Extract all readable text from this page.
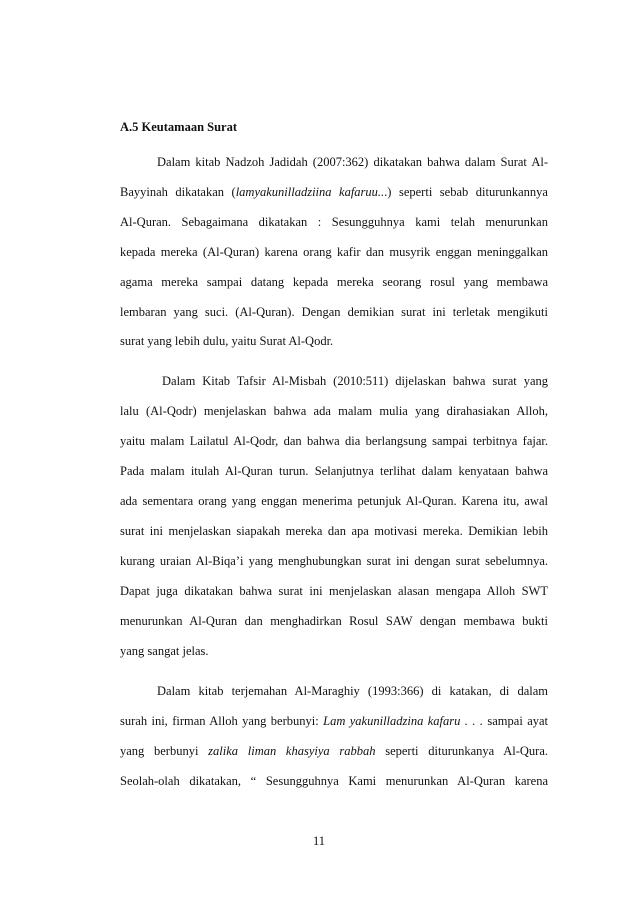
A.5 Keutamaan Surat
Dalam kitab Nadzoh Jadidah (2007:362) dikatakan bahwa dalam Surat Al-
Bayyinah dikatakan (lamyakunilladziina kafaruu...) seperti sebab diturunkannya
Al-Quran. Sebagaimana dikatakan : Sesungguhnya kami telah menurunkan
kepada mereka (Al-Quran) karena orang kafir dan musyrik enggan meninggalkan
agama mereka sampai datang kepada mereka seorang rosul yang membawa
lembaran yang suci. (Al-Quran). Dengan demikian surat ini terletak mengikuti
surat yang lebih dulu, yaitu Surat Al-Qodr.
Dalam Kitab Tafsir Al-Misbah (2010:511) dijelaskan bahwa surat yang
lalu (Al-Qodr) menjelaskan bahwa ada malam mulia yang dirahasiakan Alloh,
yaitu malam Lailatul Al-Qodr, dan bahwa dia berlangsung sampai terbitnya fajar.
Pada malam itulah Al-Quran turun. Selanjutnya terlihat dalam kenyataan bahwa
ada sementara orang yang enggan menerima petunjuk Al-Quran. Karena itu, awal
surat ini menjelaskan siapakah mereka dan apa motivasi mereka. Demikian lebih
kurang uraian Al-Biqa’i yang menghubungkan surat ini dengan surat sebelumnya.
Dapat juga dikatakan bahwa surat ini menjelaskan alasan mengapa Alloh SWT
menurunkan Al-Quran dan menghadirkan Rosul SAW dengan membawa bukti
yang sangat jelas.
Dalam kitab terjemahan Al-Maraghiy (1993:366) di katakan, di dalam
surah ini, firman Alloh yang berbunyi: Lam yakunilladzina kafaru . . . sampai ayat
yang berbunyi zalika liman khasyiya rabbah seperti diturunkanya Al-Qura.
Seolah-olah dikatakan, “ Sesungguhnya Kami menurunkan Al-Quran karena
11
